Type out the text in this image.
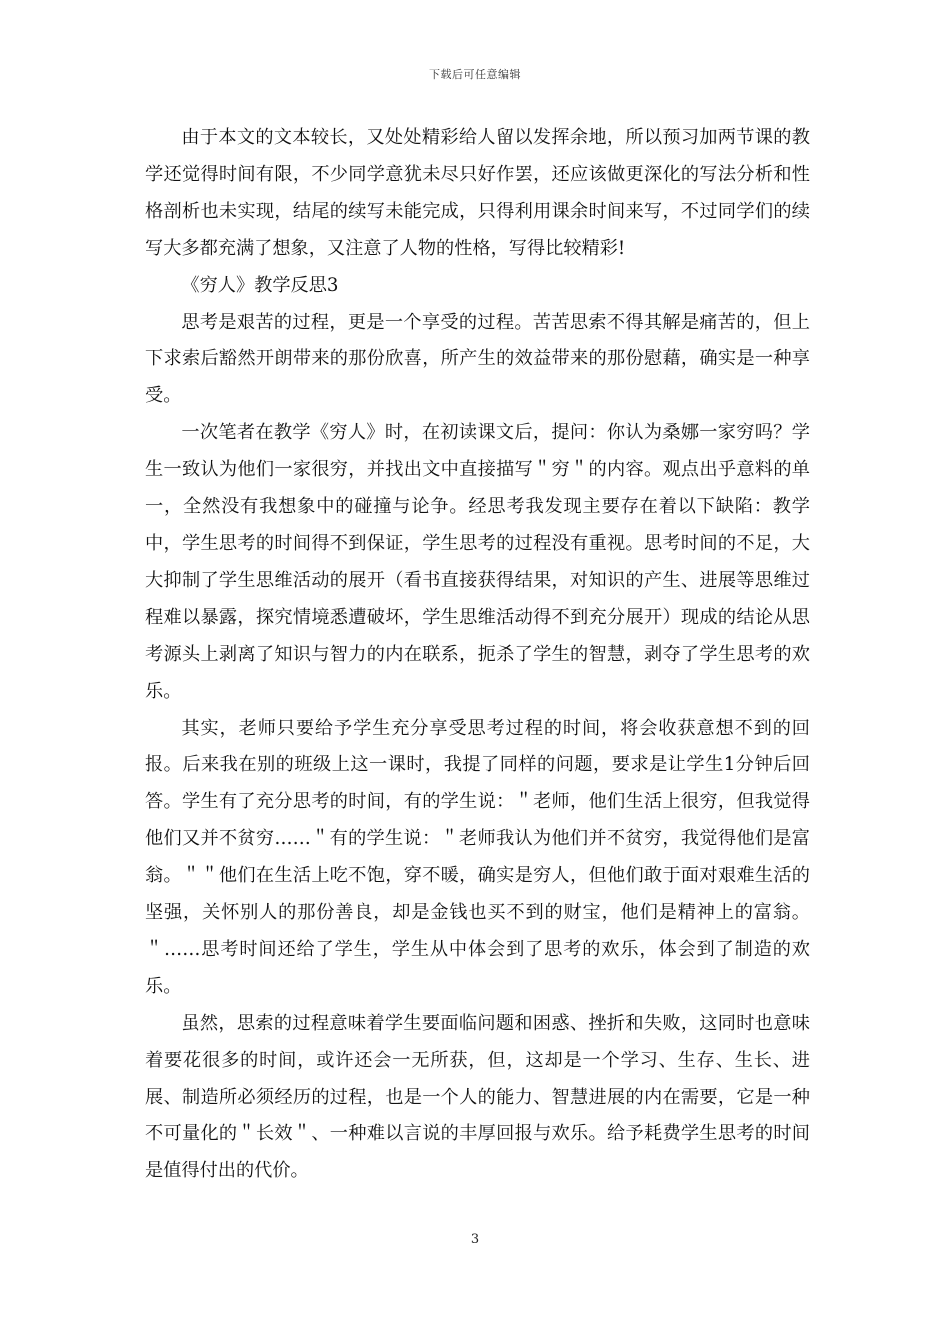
下载后可任意编辑

由于本文的文本较长，又处处精彩给人留以发挥余地，所以预习加两节课的教学还觉得时间有限，不少同学意犹未尽只好作罢，还应该做更深化的写法分析和性格剖析也未实现，结尾的续写未能完成，只得利用课余时间来写，不过同学们的续写大多都充满了想象，又注意了人物的性格，写得比较精彩!

《穷人》教学反思3

思考是艰苦的过程，更是一个享受的过程。苦苦思索不得其解是痛苦的，但上下求索后豁然开朗带来的那份欣喜，所产生的效益带来的那份慰藉，确实是一种享受。

一次笔者在教学《穷人》时，在初读课文后，提问：你认为桑娜一家穷吗？学生一致认为他们一家很穷，并找出文中直接描写＂穷＂的内容。观点出乎意料的单一，全然没有我想象中的碰撞与论争。经思考我发现主要存在着以下缺陷：教学中，学生思考的时间得不到保证，学生思考的过程没有重视。思考时间的不足，大大抑制了学生思维活动的展开（看书直接获得结果，对知识的产生、进展等思维过程难以暴露，探究情境悉遭破坏，学生思维活动得不到充分展开）现成的结论从思考源头上剥离了知识与智力的内在联系，扼杀了学生的智慧，剥夺了学生思考的欢乐。

其实，老师只要给予学生充分享受思考过程的时间，将会收获意想不到的回报。后来我在别的班级上这一课时，我提了同样的问题，要求是让学生1分钟后回答。学生有了充分思考的时间，有的学生说：＂老师，他们生活上很穷，但我觉得他们又并不贫穷……＂有的学生说：＂老师我认为他们并不贫穷，我觉得他们是富翁。＂＂他们在生活上吃不饱，穿不暖，确实是穷人，但他们敢于面对艰难生活的坚强，关怀别人的那份善良，却是金钱也买不到的财宝，他们是精神上的富翁。＂……思考时间还给了学生，学生从中体会到了思考的欢乐，体会到了制造的欢乐。

虽然，思索的过程意味着学生要面临问题和困惑、挫折和失败，这同时也意味着要花很多的时间，或许还会一无所获，但，这却是一个学习、生存、生长、进展、制造所必须经历的过程，也是一个人的能力、智慧进展的内在需要，它是一种不可量化的＂长效＂、一种难以言说的丰厚回报与欢乐。给予耗费学生思考的时间是值得付出的代价。

3
